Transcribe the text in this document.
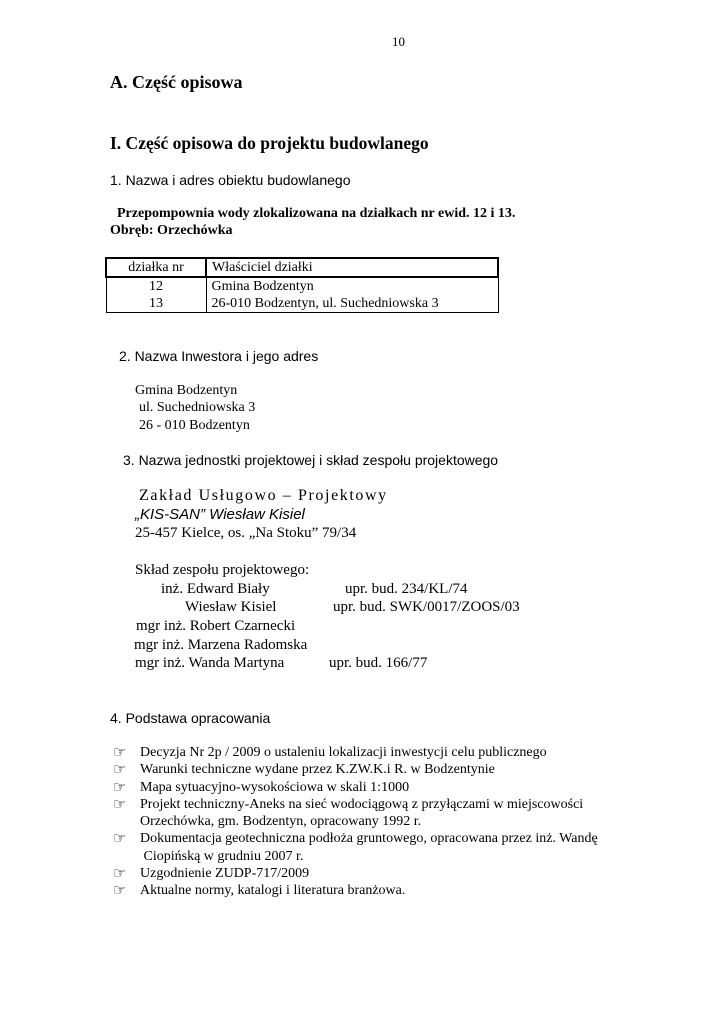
10
A. Część opisowa
I. Część opisowa do projektu budowlanego
1. Nazwa i adres obiektu budowlanego
Przepompownia wody zlokalizowana na działkach nr ewid. 12 i 13.
Obręb: Orzechówka
działka nr	Właściciel działki
12	Gmina Bodzentyn
13	26-010 Bodzentyn, ul. Suchedniowska 3
2. Nazwa Inwestora i jego adres
Gmina Bodzentyn
ul. Suchedniowska 3
26 - 010 Bodzentyn
3. Nazwa jednostki projektowej i skład zespołu projektowego
Zakład Usługowo – Projektowy
„KIS-SAN” Wiesław Kisiel
25-457 Kielce, os. „Na Stoku” 79/34
Skład zespołu projektowego:
inż. Edward Biały	upr. bud. 234/KL/74
Wiesław Kisiel	upr. bud. SWK/0017/ZOOS/03
mgr inż. Robert Czarnecki
mgr inż. Marzena Radomska
mgr inż. Wanda Martyna	upr. bud. 166/77
4. Podstawa opracowania
☞ Decyzja Nr 2p / 2009 o ustaleniu lokalizacji inwestycji celu publicznego
☞ Warunki techniczne wydane przez K.ZW.K.i R. w Bodzentynie
☞ Mapa sytuacyjno-wysokościowa w skali 1:1000
☞ Projekt techniczny-Aneks na sieć wodociągową z przyłączami w miejscowości
Orzechówka, gm. Bodzentyn, opracowany 1992 r.
☞ Dokumentacja geotechniczna podłoża gruntowego, opracowana przez inż. Wandę
Ciopińską w grudniu 2007 r.
☞ Uzgodnienie ZUDP-717/2009
☞ Aktualne normy, katalogi i literatura branżowa.
